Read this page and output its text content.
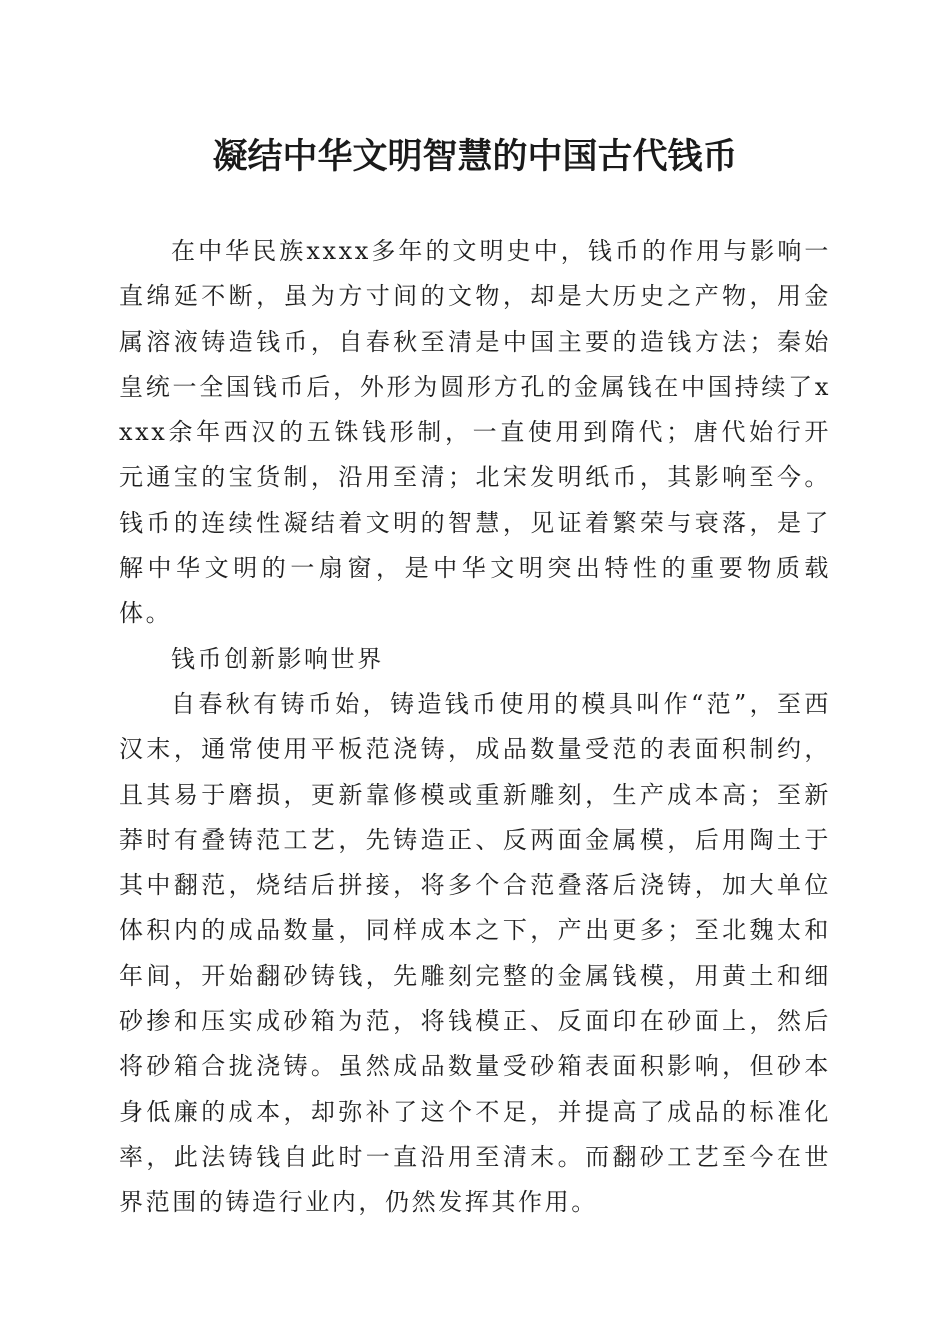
凝结中华文明智慧的中国古代钱币

在中华民族xxxx多年的文明史中，钱币的作用与影响一直绵延不断，虽为方寸间的文物，却是大历史之产物，用金属溶液铸造钱币，自春秋至清是中国主要的造钱方法；秦始皇统一全国钱币后，外形为圆形方孔的金属钱在中国持续了xxxx余年西汉的五铢钱形制，一直使用到隋代；唐代始行开元通宝的宝货制，沿用至清；北宋发明纸币，其影响至今。钱币的连续性凝结着文明的智慧，见证着繁荣与衰落，是了解中华文明的一扇窗，是中华文明突出特性的重要物质载体。

钱币创新影响世界

自春秋有铸币始，铸造钱币使用的模具叫作“范”，至西汉末，通常使用平板范浇铸，成品数量受范的表面积制约，且其易于磨损，更新靠修模或重新雕刻，生产成本高；至新莽时有叠铸范工艺，先铸造正、反两面金属模，后用陶土于其中翻范，烧结后拼接，将多个合范叠落后浇铸，加大单位体积内的成品数量，同样成本之下，产出更多；至北魏太和年间，开始翻砂铸钱，先雕刻完整的金属钱模，用黄土和细砂掺和压实成砂箱为范，将钱模正、反面印在砂面上，然后将砂箱合拢浇铸。虽然成品数量受砂箱表面积影响，但砂本身低廉的成本，却弥补了这个不足，并提高了成品的标准化率，此法铸钱自此时一直沿用至清末。而翻砂工艺至今在世界范围的铸造行业内，仍然发挥其作用。
